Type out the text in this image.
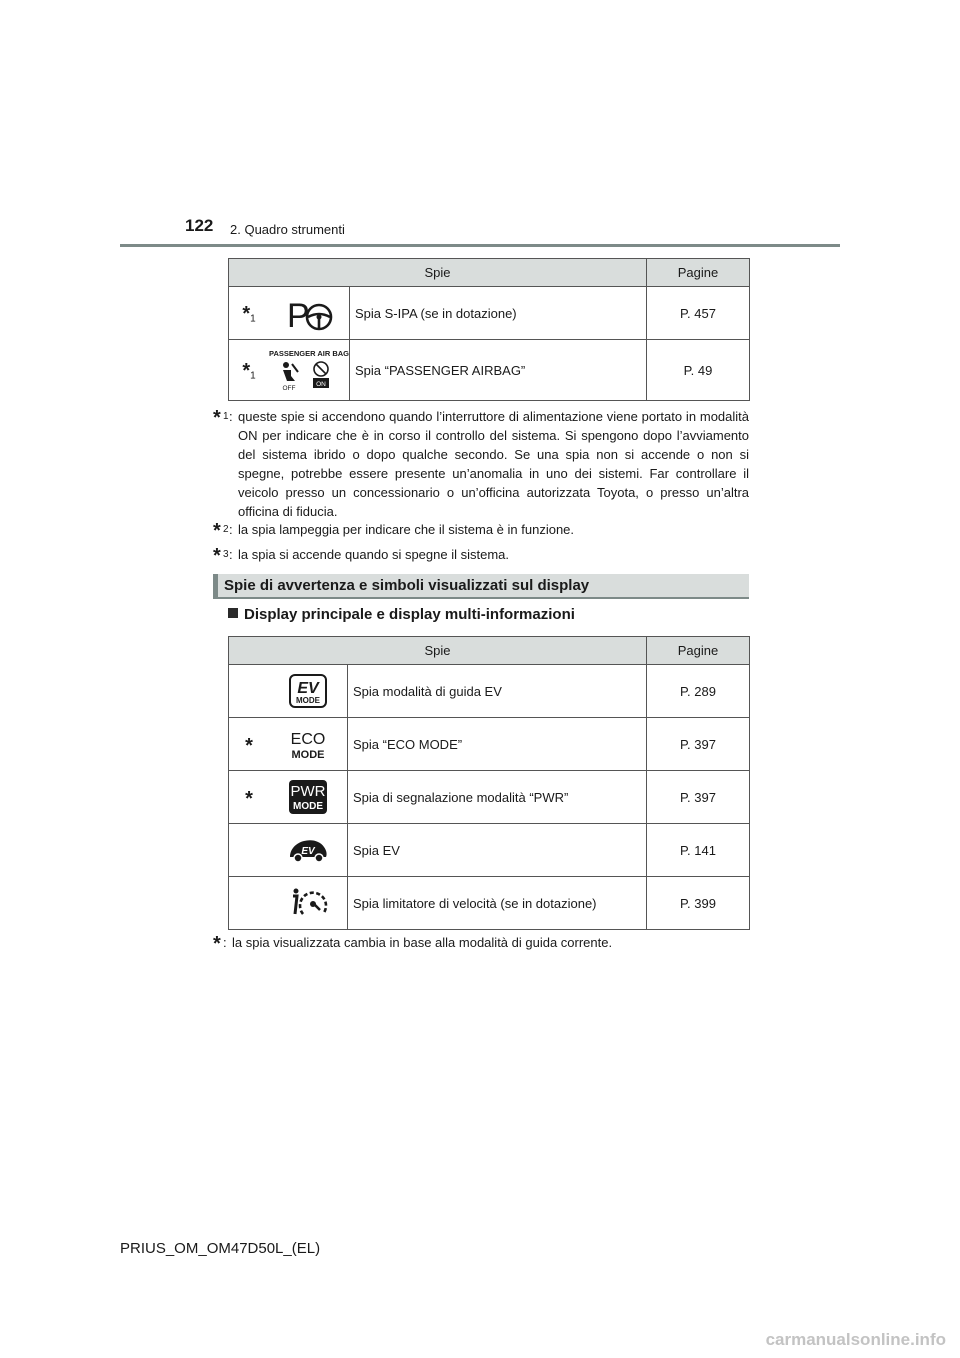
122 2. Quadro strumenti
Spie			Pagine
$*_1$	P	Spia S-IPA (se in dotazione)	P. 457
$*_1$	PASSENGER AIR BAG
OFF
ON	Spia “PASSENGER AIRBAG”	P. 49
* 1 : queste spie si accendono quando l’interruttore di alimentazione viene portato in modalità ON per indicare che è in corso il controllo del sistema. Si spengono dopo l’avviamento del sistema ibrido o dopo qualche secondo. Se una spia non si accende o non si spegne, potrebbe essere presente un’anomalia in uno dei sistemi. Far controllare il veicolo presso un concessionario o un’officina autorizzata Toyota, o presso un’altra officina di fiducia.
* 2 : la spia lampeggia per indicare che il sistema è in funzione.
* 3 : la spia si accende quando si spegne il sistema.
Spie di avvertenza e simboli visualizzati sul display
Display principale e display multi-informazioni
Spie			Pagine

EV
MODE	Spia modalità di guida EV	P. 289
*	ECO
MODE	Spia “ECO MODE”	P. 397
*	PWR
MODE	Spia di segnalazione modalità “PWR”	P. 397

EV	Spia EV	P. 141

	Spia limitatore di velocità (se in dotazione)	P. 399
* : la spia visualizzata cambia in base alla modalità di guida corrente.
PRIUS_OM_OM47D50L_(EL)
carmanualsonline.info
